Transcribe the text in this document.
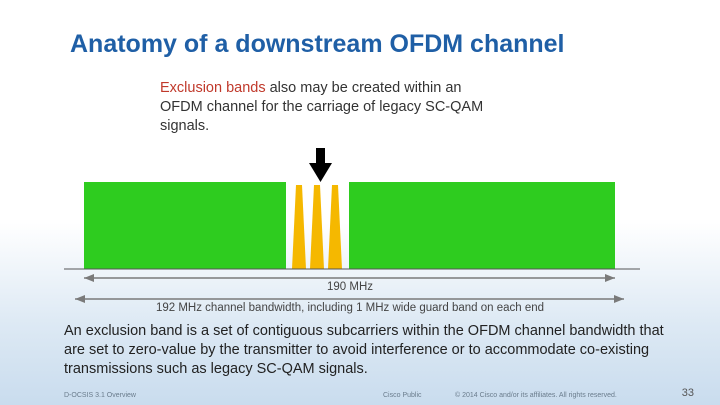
Anatomy of a downstream OFDM channel
Exclusion bands also may be created within an OFDM channel for the carriage of legacy SC-QAM signals.
190 MHz
192 MHz channel bandwidth, including 1 MHz wide guard band on each end
An exclusion band is a set of contiguous subcarriers within the OFDM channel bandwidth that are set to zero-value by the transmitter to avoid interference or to accommodate co-existing transmissions such as legacy SC-QAM signals.
D-OCSIS 3.1 Overview	Cisco Public	© 2014 Cisco and/or its affiliates. All rights reserved.	33
